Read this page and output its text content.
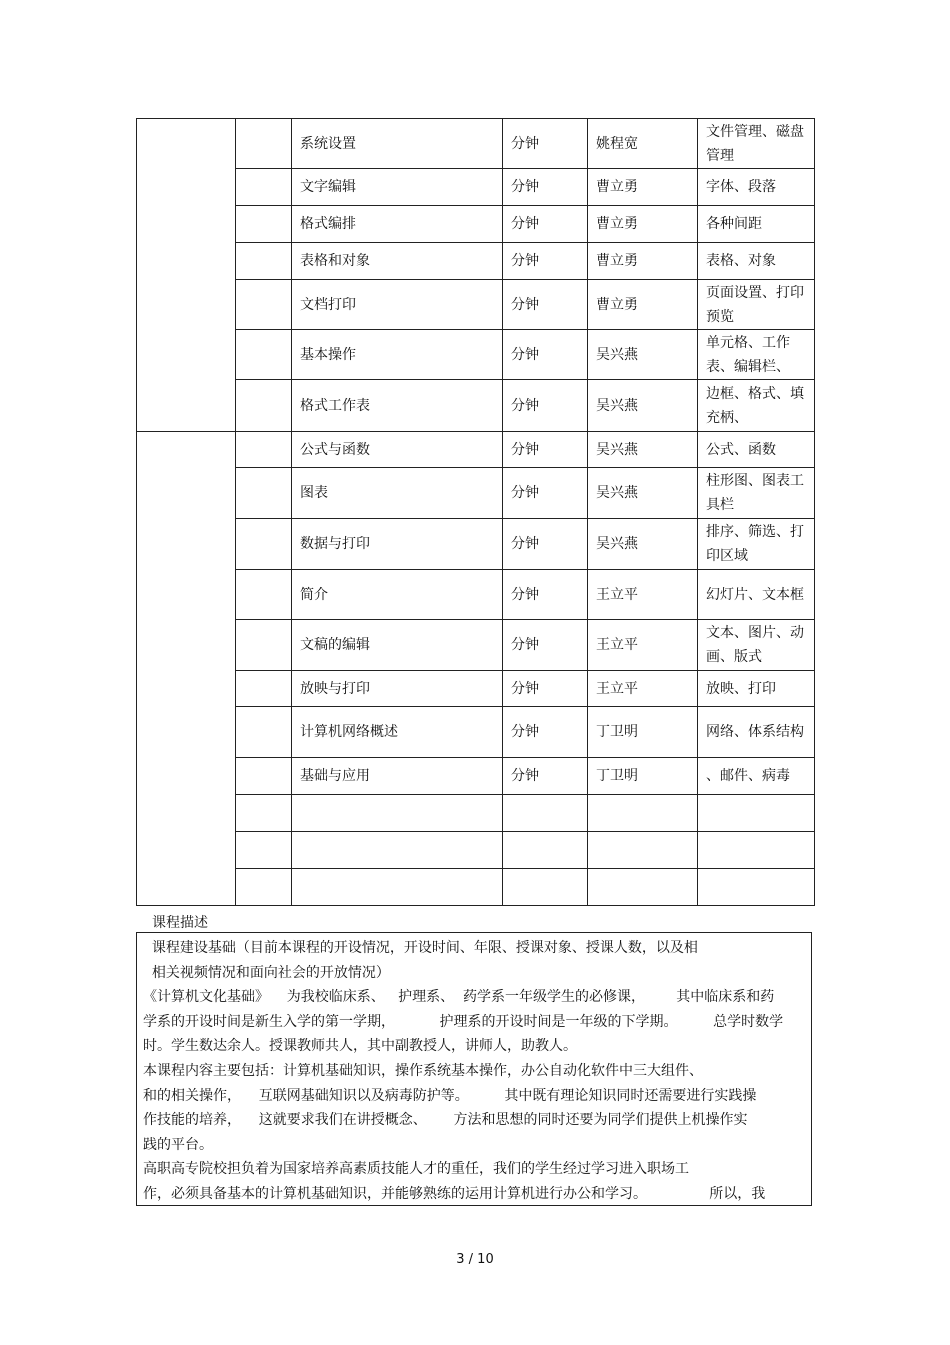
		系统设置	分钟	姚程宽	文件管理、磁盘管理
		文字编辑	分钟	曹立勇	字体、段落
		格式编排	分钟	曹立勇	各种间距
		表格和对象	分钟	曹立勇	表格、对象
		文档打印	分钟	曹立勇	页面设置、打印预览
		基本操作	分钟	吴兴燕	单元格、工作表、编辑栏、
		格式工作表	分钟	吴兴燕	边框、格式、填充柄、
		公式与函数	分钟	吴兴燕	公式、函数
		图表	分钟	吴兴燕	柱形图、图表工具栏
		数据与打印	分钟	吴兴燕	排序、筛选、打印区域
		简介	分钟	王立平	幻灯片、文本框
		文稿的编辑	分钟	王立平	文本、图片、动画、版式
		放映与打印	分钟	王立平	放映、打印
		计算机网络概述	分钟	丁卫明	网络、体系结构
		基础与应用	分钟	丁卫明	、邮件、病毒

课程描述

课程建设基础（目前本课程的开设情况，开设时间、年限、授课对象、授课人数，以及相

相关视频情况和面向社会的开放情况）

《计算机文化基础》    为我校临床系、   护理系、  药学系一年级学生的必修课，       其中临床系和药

学系的开设时间是新生入学的第一学期，          护理系的开设时间是一年级的下学期。        总学时数学

时。学生数达余人。授课教师共人，其中副教授人，讲师人，助教人。

本课程内容主要包括：计算机基础知识，操作系统基本操作，办公自动化软件中三大组件、

和的相关操作，    互联网基础知识以及病毒防护等。        其中既有理论知识同时还需要进行实践操

作技能的培养，    这就要求我们在讲授概念、      方法和思想的同时还要为同学们提供上机操作实

践的平台。

高职高专院校担负着为国家培养高素质技能人才的重任，我们的学生经过学习进入职场工

作，必须具备基本的计算机基础知识，并能够熟练的运用计算机进行办公和学习。              所以，我

3 / 10
